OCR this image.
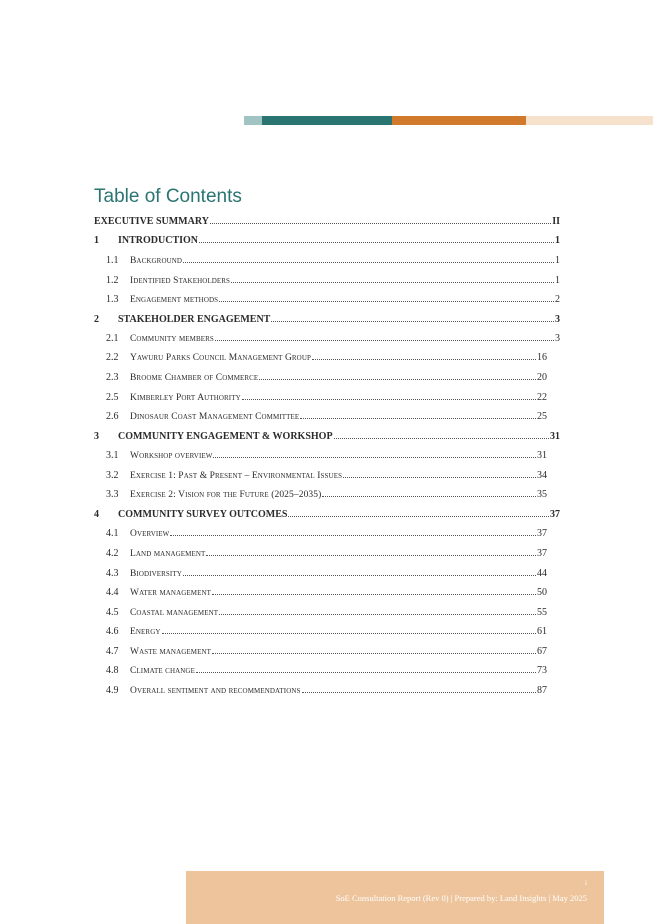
Table of Contents
EXECUTIVE SUMMARY	II
1	INTRODUCTION	1
1.1	Background	1
1.2	Identified Stakeholders	1
1.3	Engagement methods	2
2	STAKEHOLDER ENGAGEMENT	3
2.1	Community members	3
2.2	Yawuru Parks Council Management Group	16
2.3	Broome Chamber of Commerce	20
2.5	Kimberley Port Authority	22
2.6	Dinosaur Coast Management Committee	25
3	COMMUNITY ENGAGEMENT & WORKSHOP	31
3.1	Workshop overview	31
3.2	Exercise 1: Past & Present – Environmental Issues	34
3.3	Exercise 2: Vision for the Future (2025–2035)	35
4	COMMUNITY SURVEY OUTCOMES	37
4.1	Overview	37
4.2	Land management	37
4.3	Biodiversity	44
4.4	Water management	50
4.5	Coastal management	55
4.6	Energy	61
4.7	Waste management	67
4.8	Climate change	73
4.9	Overall sentiment and recommendations	87
i
SoE Consultation Report (Rev 0) | Prepared by: Land Insights | May 2025
